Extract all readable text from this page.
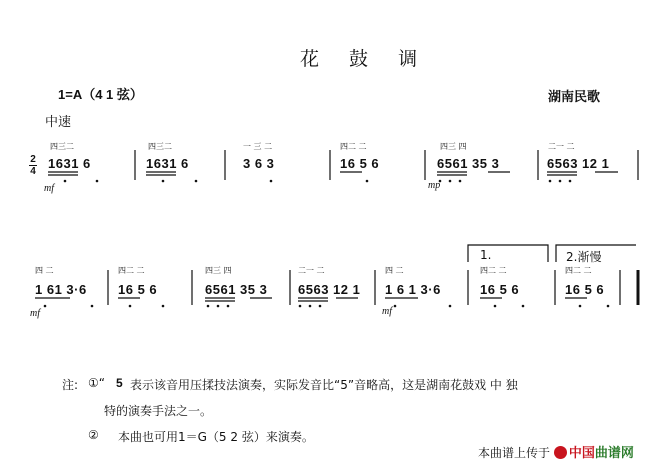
花 鼓 调
1=A（4 1 弦）	湖南民歌
中速
2
4
mf	mp
四三二	四三二	一 三 二	四二 二	四三 四	二一 二
1631 6	1631 6	3 6 3	16 5 6	6561 35 3	6563 12 1
1.	2.渐慢
mf	mf
四 二	四二 二	四三 四	二一 二	四 二	四二 二	四二 二
1 61 3·6 16 5 6	6561 35 3 6563 12 1 1 6 1 3·6	16 5 6	16 5 6
注: ①“ 5 表示该音用压揉技法演奏，实际发音比“5”音略高，这是湖南花鼓戏 中 独
特的演奏手法之一。
② 本曲也可用1＝G（5 2 弦）来演奏。
本曲谱上传于 中国曲谱网
